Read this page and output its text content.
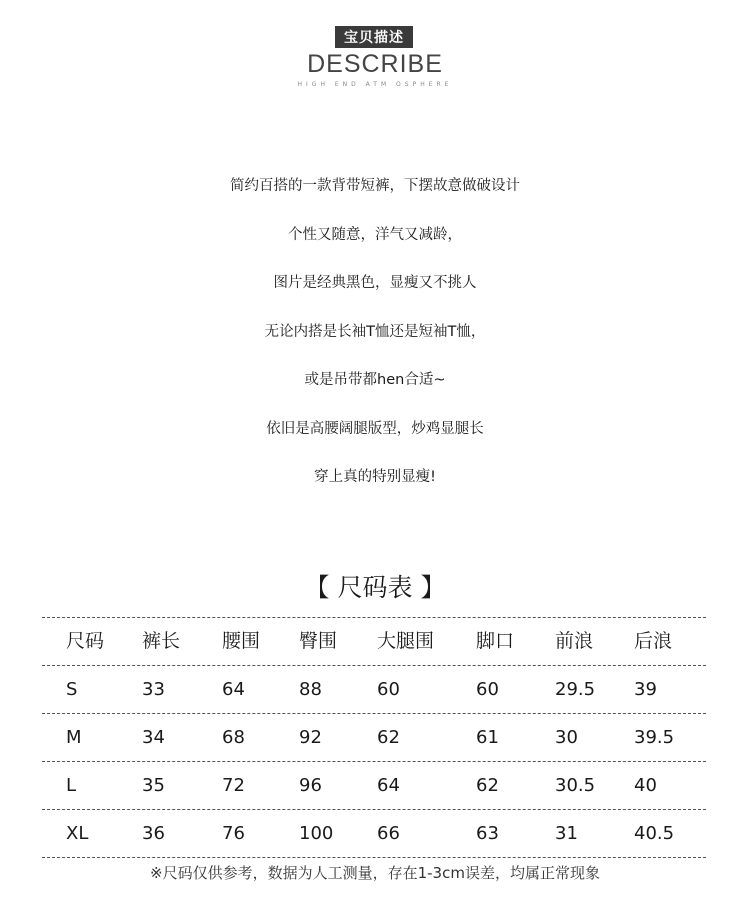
宝贝描述
DESCRIBE
HIGH END ATM OSPHERE
简约百搭的一款背带短裤，下摆故意做破设计
个性又随意，洋气又减龄，
图片是经典黑色，显瘦又不挑人
无论内搭是长袖T恤还是短袖T恤，
或是吊带都hen合适~
依旧是高腰阔腿版型，炒鸡显腿长
穿上真的特别显瘦!
【 尺码表 】
尺码 裤长 腰围 臀围 大腿围 脚口 前浪 后浪
S	33	64	88	60	60	29.5 39
M	34	68	92	62	61	30	39.5
L	35	72	96	64	62	30.5 40
XL	36	76	100 66	63	31	40.5
※尺码仅供参考，数据为人工测量，存在1-3cm误差，均属正常现象
